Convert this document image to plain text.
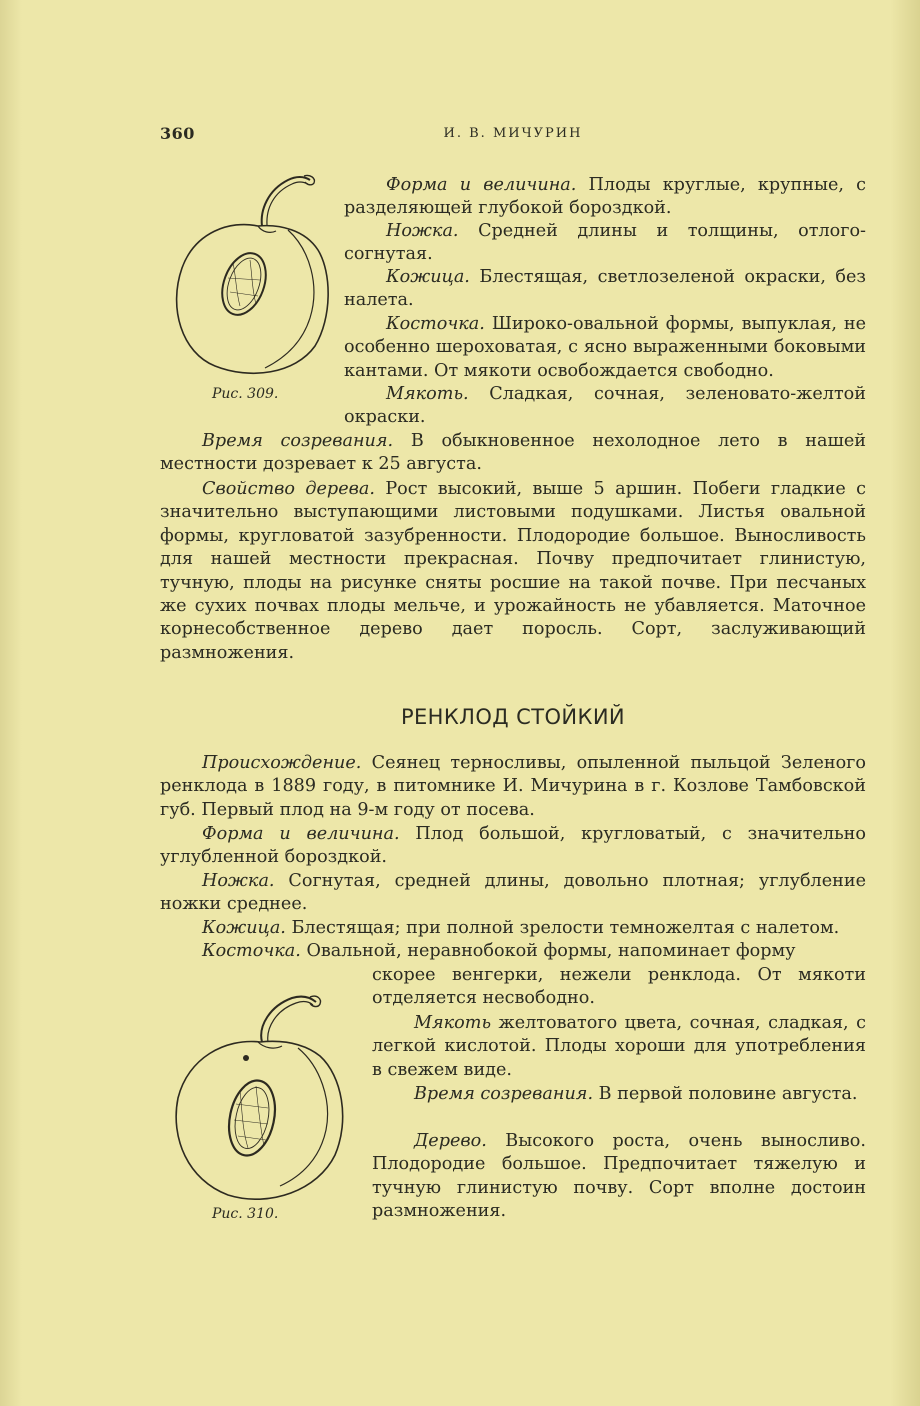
360	И. В. МИЧУРИН
Рис. 309.

Форма и величина. Плоды круглые, крупные, с разделяющей глубокой бороздкой.

Ножка. Средней длины и толщины, отлого-согнутая.

Кожица. Блестящая, светлозеленой окраски, без налета.

Косточка. Широко-овальной формы, выпуклая, не особенно шероховатая, с ясно выраженными боковыми кантами. От мякоти освобождается свободно.

Мякоть. Сладкая, сочная, зеленовато-желтой окраски.

Время созревания. В обыкновенное нехолодное лето в нашей местности дозревает к 25 августа.

Свойство дерева. Рост высокий, выше 5 аршин. Побеги гладкие с значительно выступающими листовыми подушками. Листья овальной формы, кругловатой зазубренности. Плодородие большое. Выносливость для нашей местности прекрасная. Почву предпочитает глинистую, тучную, плоды на рисунке сняты росшие на такой почве. При песчаных же сухих почвах плоды мельче, и урожайность не убавляется. Маточное корнесобственное дерево дает поросль. Сорт, заслуживающий размножения.

РЕНКЛОД СТОЙКИЙ

Происхождение. Сеянец терносливы, опыленной пыльцой Зеленого ренклода в 1889 году, в питомнике И. Мичурина в г. Козлове Тамбовской губ. Первый плод на 9-м году от посева.

Форма и величина. Плод большой, кругловатый, с значительно углубленной бороздкой.

Ножка. Согнутая, средней длины, довольно плотная; углубление ножки среднее.

Кожица. Блестящая; при полной зрелости темножелтая с налетом.

Косточка. Овальной, неравнобокой формы, напоминает форму

скорее венгерки, нежели ренклода. От мякоти отделяется несвободно.

Мякоть желтоватого цвета, сочная, сладкая, с легкой кислотой. Плоды хороши для употребления в свежем виде.

Время созревания. В первой половине августа.

Дерево. Высокого роста, очень выносливо. Плодородие большое. Предпочитает тяжелую и тучную глинистую почву. Сорт вполне достоин размножения.

Рис. 310.
